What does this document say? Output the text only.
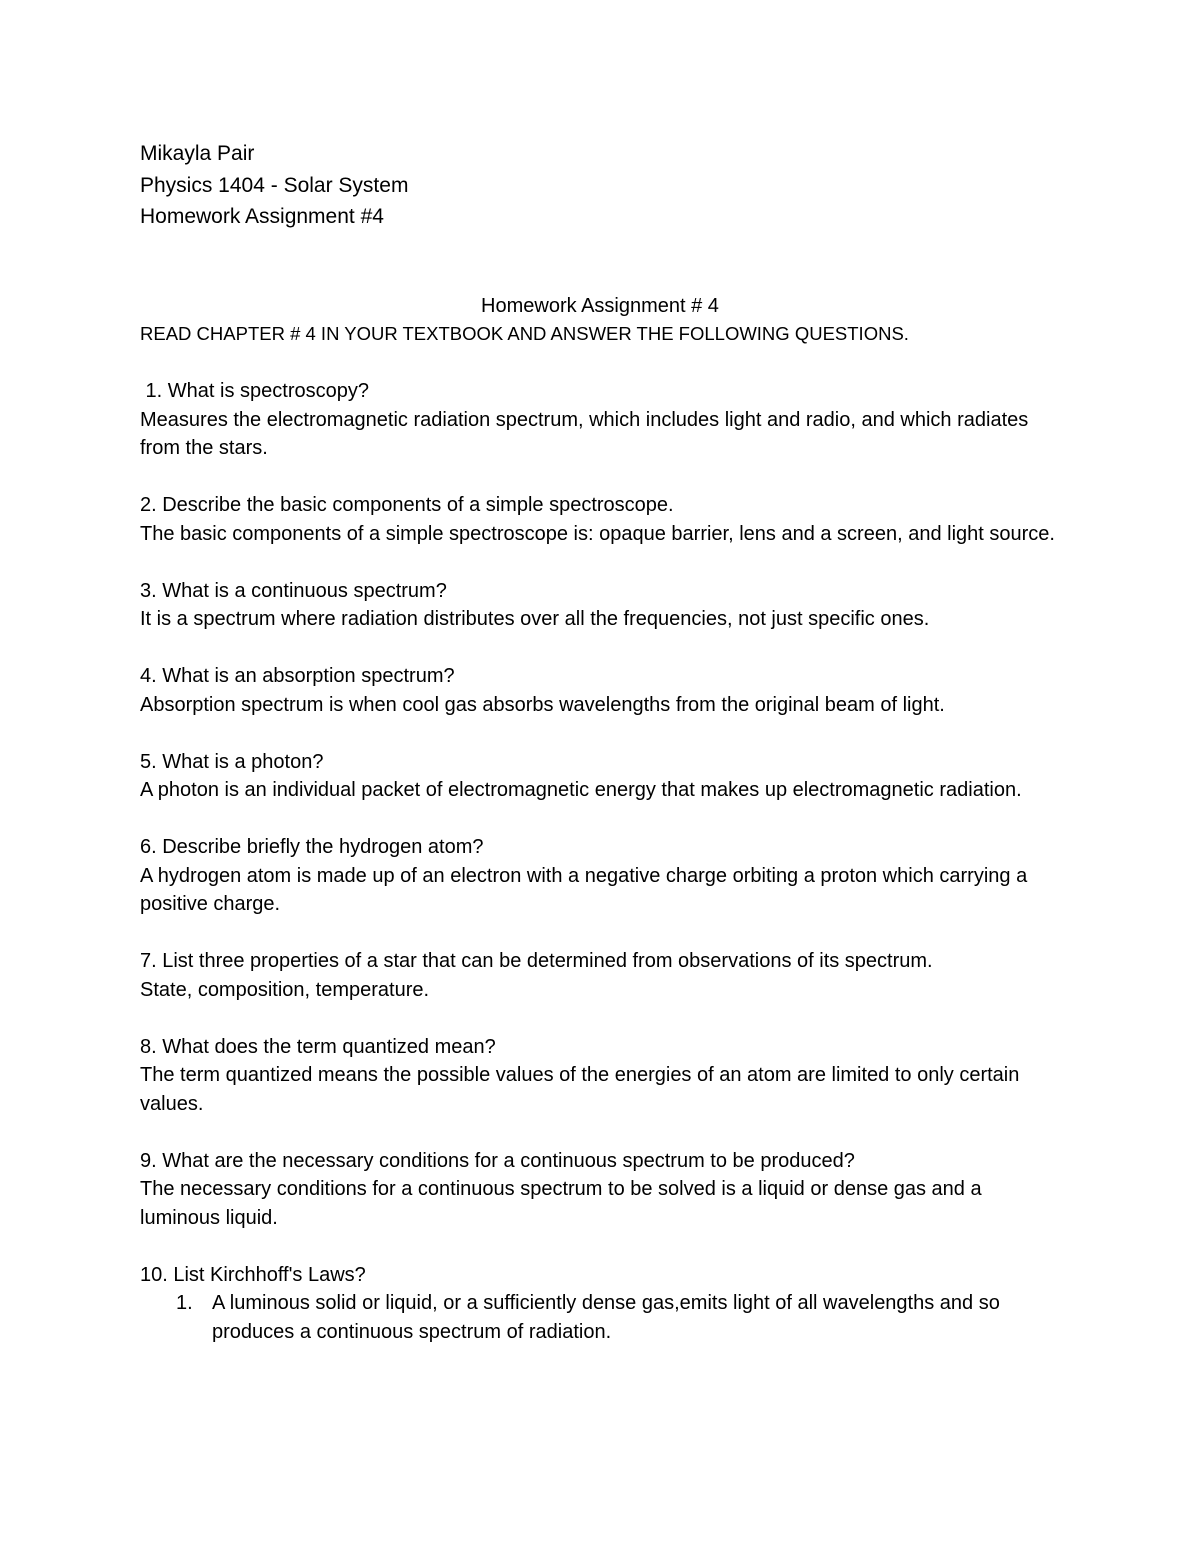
Mikayla Pair
Physics 1404 - Solar System
Homework Assignment #4
Homework Assignment # 4
READ CHAPTER # 4 IN YOUR TEXTBOOK AND ANSWER THE FOLLOWING QUESTIONS.
1. What is spectroscopy?
Measures the electromagnetic radiation spectrum, which includes light and radio, and which radiates from the stars.
2. Describe the basic components of a simple spectroscope.
The basic components of a simple spectroscope is: opaque barrier, lens and a screen, and light source.
3. What is a continuous spectrum?
It is a spectrum where radiation distributes over all the frequencies, not just specific ones.
4. What is an absorption spectrum?
Absorption spectrum is when cool gas absorbs wavelengths from the original beam of light.
5. What is a photon?
A photon is an individual packet of electromagnetic energy that makes up electromagnetic radiation.
6. Describe briefly the hydrogen atom?
A hydrogen atom is made up of an electron with a negative charge orbiting a proton which carrying a positive charge.
7. List three properties of a star that can be determined from observations of its spectrum.
State, composition, temperature.
8. What does the term quantized mean?
The term quantized means the possible values of the energies of an atom are limited to only certain values.
9. What are the necessary conditions for a continuous spectrum to be produced?
The necessary conditions for a continuous spectrum to be solved is a liquid or dense gas and a luminous liquid.
10. List Kirchhoff's Laws?
1. A luminous solid or liquid, or a sufficiently dense gas,emits light of all wavelengths and so produces a continuous spectrum of radiation.
